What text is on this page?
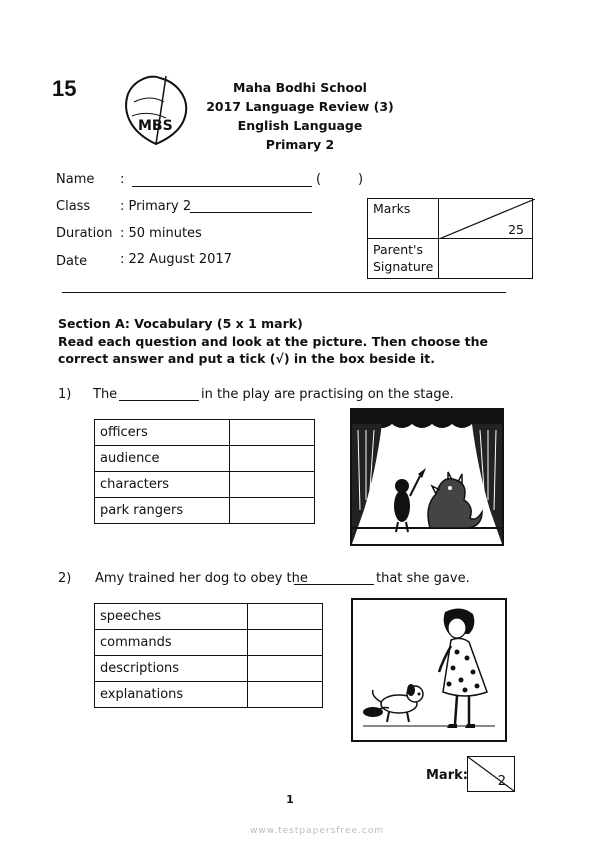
15
MBS
Maha Bodhi School
2017 Language Review (3)
English Language
Primary 2
Name :	(	)
Class : Primary 2
Duration : 50 minutes
Date	: 22 August 2017
Marks	25

Parent's
Signature	

Section A: Vocabulary (5 x 1 mark)
Read each question and look at the picture. Then choose the correct answer and put a tick (√) in the box beside it.
1) The	in the play are practising on the stage.
officers	
audience	
characters	
park rangers	
2) Amy trained her dog to obey the	that she gave.
speeches	
commands	
descriptions	
explanations	
Mark: 2
1
www.testpapersfree.com
